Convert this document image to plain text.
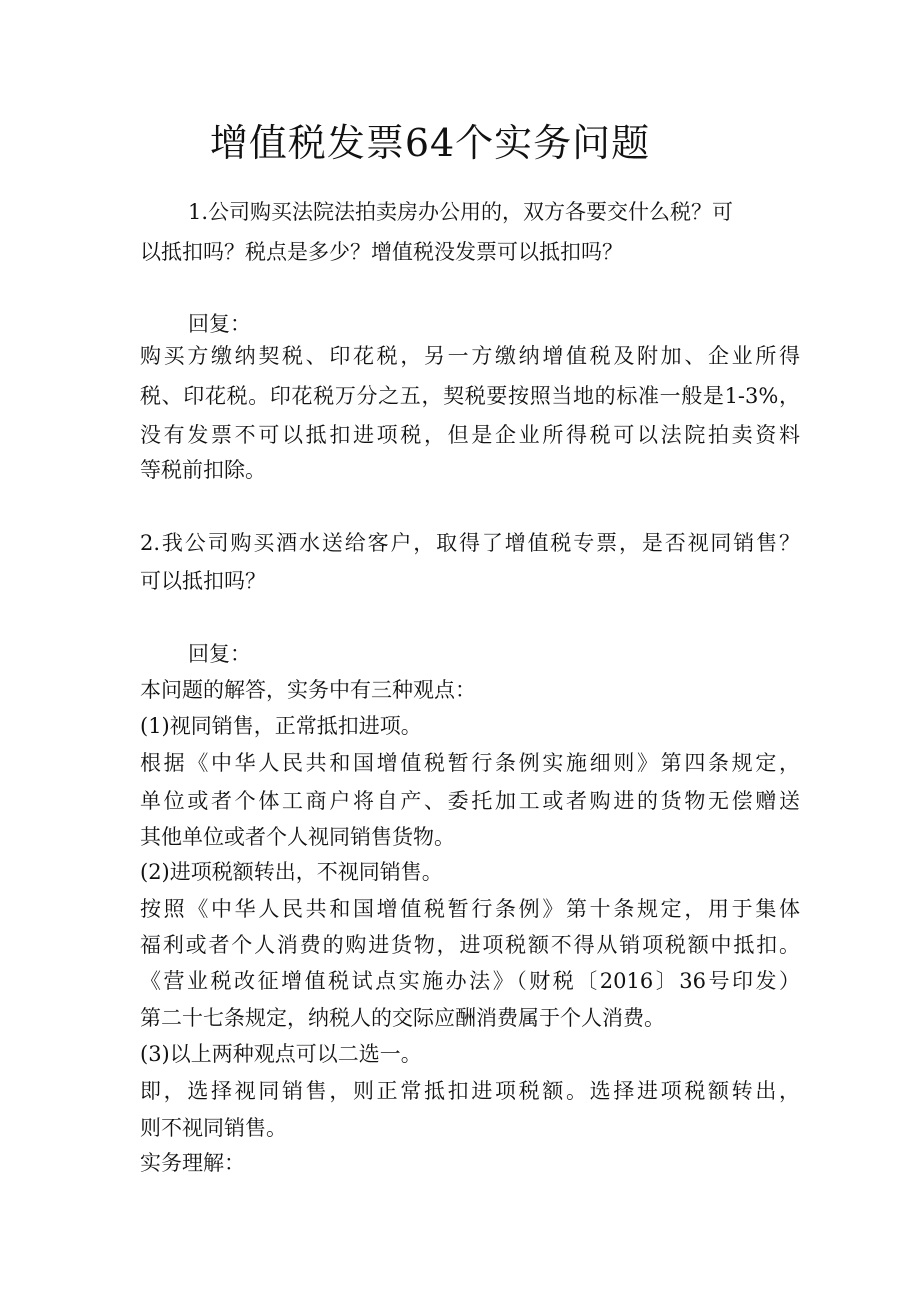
增值税发票64个实务问题
1.公司购买法院法拍卖房办公用的，双方各要交什么税？可
以抵扣吗？税点是多少？增值税没发票可以抵扣吗？
回复：
购买方缴纳契税、印花税，另一方缴纳增值税及附加、企业所得
税、印花税。印花税万分之五，契税要按照当地的标准一般是1-3%，
没有发票不可以抵扣进项税，但是企业所得税可以法院拍卖资料
等税前扣除。
2.我公司购买酒水送给客户，取得了增值税专票，是否视同销售？
可以抵扣吗？
回复：
本问题的解答，实务中有三种观点：
(1)视同销售，正常抵扣进项。
根据《中华人民共和国增值税暂行条例实施细则》第四条规定，
单位或者个体工商户将自产、委托加工或者购进的货物无偿赠送
其他单位或者个人视同销售货物。
(2)进项税额转出，不视同销售。
按照《中华人民共和国增值税暂行条例》第十条规定，用于集体
福利或者个人消费的购进货物，进项税额不得从销项税额中抵扣。
《营业税改征增值税试点实施办法》（财税〔2016〕36号印发）
第二十七条规定，纳税人的交际应酬消费属于个人消费。
(3)以上两种观点可以二选一。
即，选择视同销售，则正常抵扣进项税额。选择进项税额转出，
则不视同销售。
实务理解：
